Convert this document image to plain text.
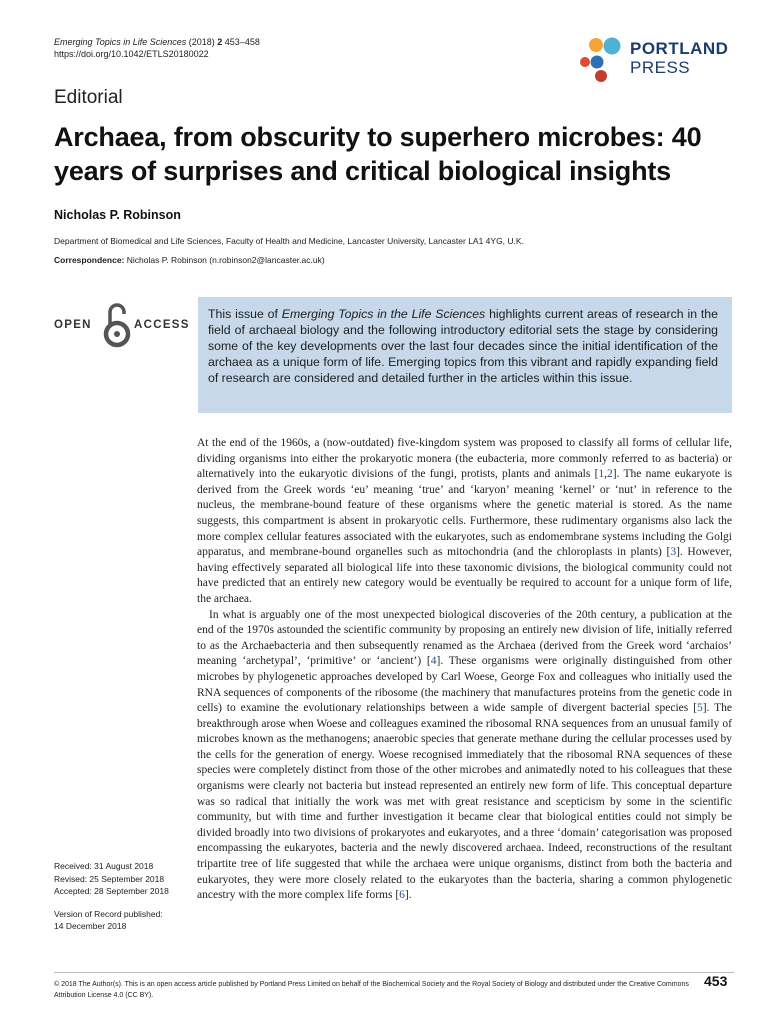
Emerging Topics in Life Sciences (2018) 2 453–458
https://doi.org/10.1042/ETLS20180022	PORTLAND
PRESS
Editorial
Archaea, from obscurity to superhero microbes: 40 years of surprises and critical biological insights
Nicholas P. Robinson
Department of Biomedical and Life Sciences, Faculty of Health and Medicine, Lancaster University, Lancaster LA1 4YG, U.K.
Correspondence: Nicholas P. Robinson (n.robinson2@lancaster.ac.uk)
OPEN	ACCESS
This issue of Emerging Topics in the Life Sciences highlights current areas of research in the field of archaeal biology and the following introductory editorial sets the stage by considering some of the key developments over the last four decades since the initial identification of the archaea as a unique form of life. Emerging topics from this vibrant and rapidly expanding field of research are considered and detailed further in the articles within this issue.

At the end of the 1960s, a (now-outdated) five-kingdom system was proposed to classify all forms of cellular life, dividing organisms into either the prokaryotic monera (the eubacteria, more commonly referred to as bacteria) or alternatively into the eukaryotic divisions of the fungi, protists, plants and animals [1,2]. The name eukaryote is derived from the Greek words ‘eu’ meaning ‘true’ and ‘karyon’ meaning ‘kernel’ or ‘nut’ in reference to the nucleus, the membrane-bound feature of these organisms where the genetic material is stored. As the name suggests, this compartment is absent in prokaryotic cells. Furthermore, these rudimentary organisms also lack the more complex cellular features associated with the eukaryotes, such as endomembrane systems including the Golgi apparatus, and membrane-bound organelles such as mitochondria (and the chloroplasts in plants) [3]. However, having effectively separated all biological life into these taxonomic divisions, the biological community could not have predicted that an entirely new category would be eventually be required to account for a unique form of life, the archaea.

In what is arguably one of the most unexpected biological discoveries of the 20th century, a publication at the end of the 1970s astounded the scientific community by proposing an entirely new division of life, initially referred to as the Archaebacteria and then subsequently renamed as the Archaea (derived from the Greek word ‘archaios’ meaning ‘archetypal’, ‘primitive’ or ‘ancient’) [4]. These organisms were originally distinguished from other microbes by phylogenetic approaches developed by Carl Woese, George Fox and colleagues who initially used the RNA sequences of components of the ribosome (the machinery that manufactures proteins from the genetic code in cells) to examine the evolutionary relationships between a wide sample of divergent bacterial species [5]. The breakthrough arose when Woese and colleagues examined the ribosomal RNA sequences from an unusual family of microbes known as the methanogens; anaerobic species that generate methane during the cellular processes used by the cells for the generation of energy. Woese recognised immediately that the ribosomal RNA sequences of these species were completely distinct from those of the other microbes and animatedly noted to his colleagues that these organisms were clearly not bacteria but instead represented an entirely new form of life. This conceptual departure was so radical that initially the work was met with great resistance and scepticism by some in the scientific community, but with time and further investigation it became clear that biological entities could not simply be divided broadly into two divisions of prokaryotes and eukaryotes, and a three ‘domain’ categorisation was proposed encompassing the eukaryotes, bacteria and the newly discovered archaea. Indeed, reconstructions of the resultant tripartite tree of life suggested that while the archaea were unique organisms, distinct from both the bacteria and eukaryotes, they were more closely related to the eukaryotes than the bacteria, sharing a common phylogenetic ancestry with the more complex life forms [6].

Received: 31 August 2018
Revised: 25 September 2018
Accepted: 28 September 2018
Version of Record published:
14 December 2018
© 2018 The Author(s). This is an open access article published by Portland Press Limited on behalf of the Biochemical Society and the Royal Society of Biology and distributed under the Creative Commons Attribution License 4.0 (CC BY).
453
